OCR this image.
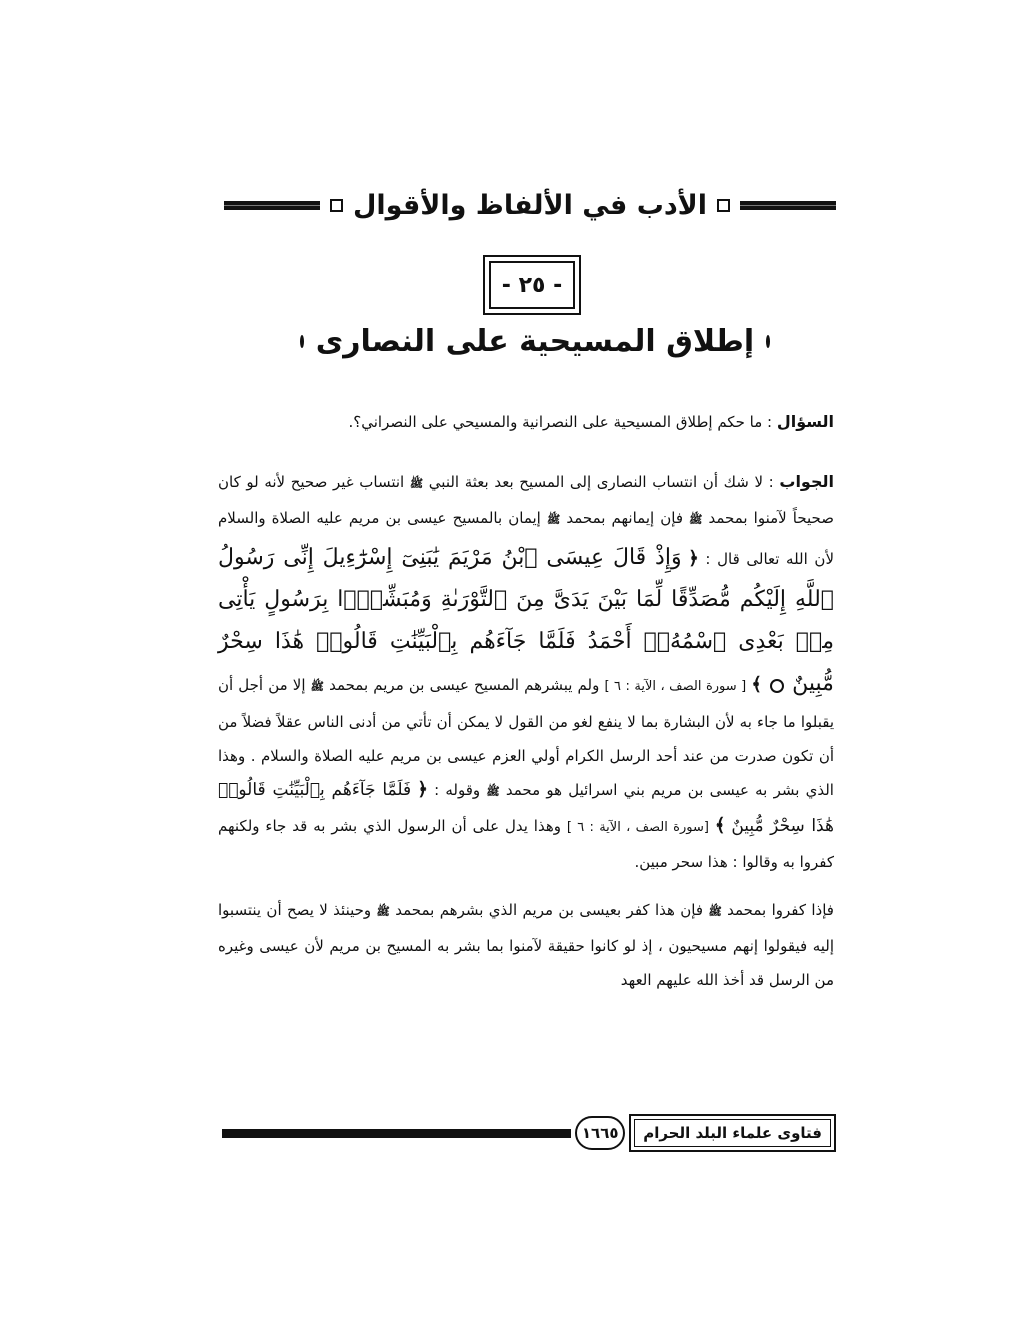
الأدب في الألفاظ والأقوال
- ٢٥ -
إطلاق المسيحية على النصارى

السؤال : ما حكم إطلاق المسيحية على النصرانية والمسيحي على النصراني؟.

الجواب : لا شك أن انتساب النصارى إلى المسيح بعد بعثة النبي ﷺ انتساب غير صحيح لأنه لو كان صحيحاً لآمنوا بمحمد ﷺ فإن إيمانهم بمحمد ﷺ إيمان بالمسيح عيسى بن مريم عليه الصلاة والسلام لأن الله تعالى قال : ﴿ وَإِذْ قَالَ عِيسَى ٱبْنُ مَرْيَمَ يَٰبَنِىٓ إِسْرَٰٓءِيلَ إِنِّى رَسُولُ ٱللَّهِ إِلَيْكُم مُّصَدِّقًا لِّمَا بَيْنَ يَدَىَّ مِنَ ٱلتَّوْرَىٰةِ وَمُبَشِّرًۢا بِرَسُولٍ يَأْتِى مِنۢ بَعْدِى ٱسْمُهُۥٓ أَحْمَدُ فَلَمَّا جَآءَهُم بِٱلْبَيِّنَٰتِ قَالُوا۟ هَٰذَا سِحْرٌ مُّبِينٌ  ﴾ [ سورة الصف ، الآية : ٦ ] ولم يبشرهم المسيح عيسى بن مريم بمحمد ﷺ إلا من أجل أن يقبلوا ما جاء به لأن البشارة بما لا ينفع لغو من القول لا يمكن أن تأتي من أدنى الناس عقلاً فضلاً من أن تكون صدرت من عند أحد الرسل الكرام أولي العزم عيسى بن مريم عليه الصلاة والسلام . وهذا الذي بشر به عيسى بن مريم بني اسرائيل هو محمد ﷺ وقوله : ﴿ فَلَمَّا جَآءَهُم بِٱلْبَيِّنَٰتِ قَالُوا۟ هَٰذَا سِحْرٌ مُّبِينٌ ﴾ [سورة الصف ، الآية : ٦ ] وهذا يدل على أن الرسول الذي بشر به قد جاء ولكنهم كفروا به وقالوا : هذا سحر مبين.

فإذا كفروا بمحمد ﷺ فإن هذا كفر بعيسى بن مريم الذي بشرهم بمحمد ﷺ وحينئذ لا يصح أن ينتسبوا إليه فيقولوا إنهم مسيحيون ، إذ لو كانوا حقيقة لآمنوا بما بشر به المسيح بن مريم لأن عيسى وغيره من الرسل قد أخذ الله عليهم العهد

فتاوى علماء البلد الحرام
١٦٦٥
